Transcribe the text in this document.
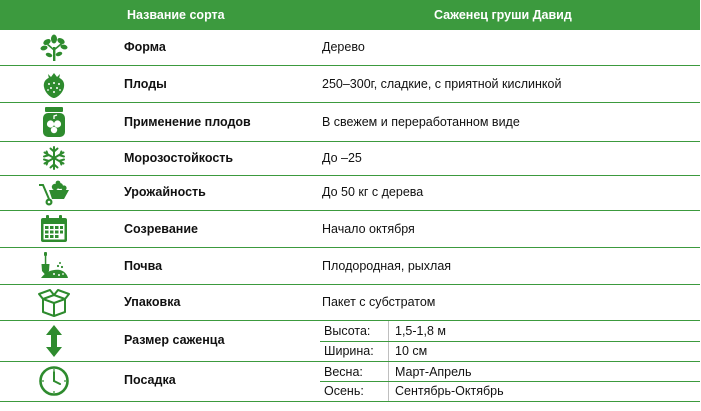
Название сорта	Саженец груши Давид
Форма	Дерево
Плоды	250–300г, сладкие, с приятной кислинкой
Применение плодов	В свежем и переработанном виде
Морозостойкость	До –25
Урожайность	До 50 кг с дерева
Созревание	Начало октября
Почва	Плодородная, рыхлая
Упаковка	Пакет с субстратом
Размер саженца
Высота: 1,5-1,8 м
Ширина: 10 см
Посадка
Весна:	Март-Апрель
Осень: Сентябрь-Октябрь
